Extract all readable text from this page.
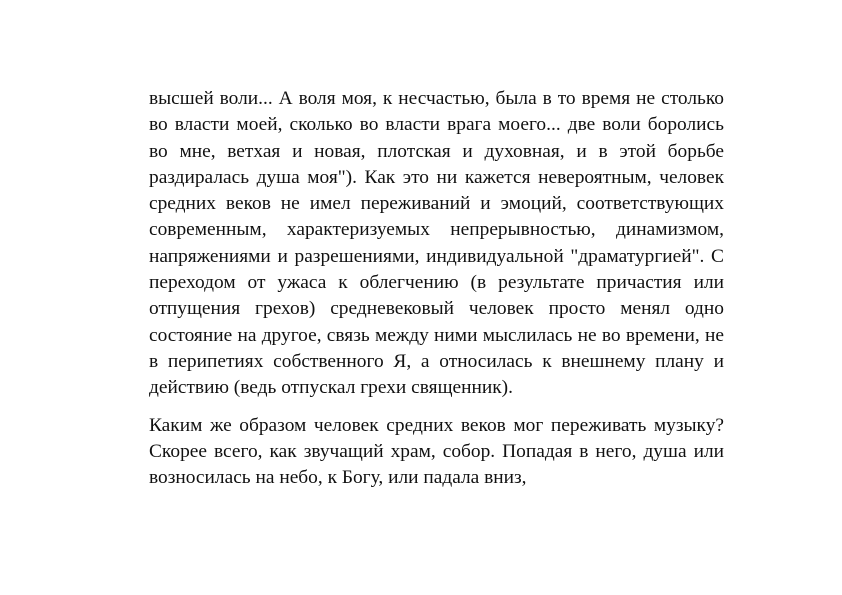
высшей воли... А воля моя, к несчастью, была в то время не столько во власти моей, сколько во власти врага моего... две воли боролись во мне, ветхая и новая, плотская и духовная, и в этой борьбе раздиралась душа моя"). Как это ни кажется невероятным, человек средних веков не имел переживаний и эмоций, соответствующих современным, характеризуемых непрерывностью, динамизмом, напряжениями и разрешениями, индивидуальной "драматургией". С переходом от ужаса к облегчению (в результате причастия или отпущения грехов) средневековый человек просто менял одно состояние на другое, связь между ними мыслилась не во времени, не в перипетиях собственного Я, а относилась к внешнему плану и действию (ведь отпускал грехи священник).

Каким же образом человек средних веков мог переживать музыку? Скорее всего, как звучащий храм, собор. Попадая в него, душа или возносилась на небо, к Богу, или падала вниз,
